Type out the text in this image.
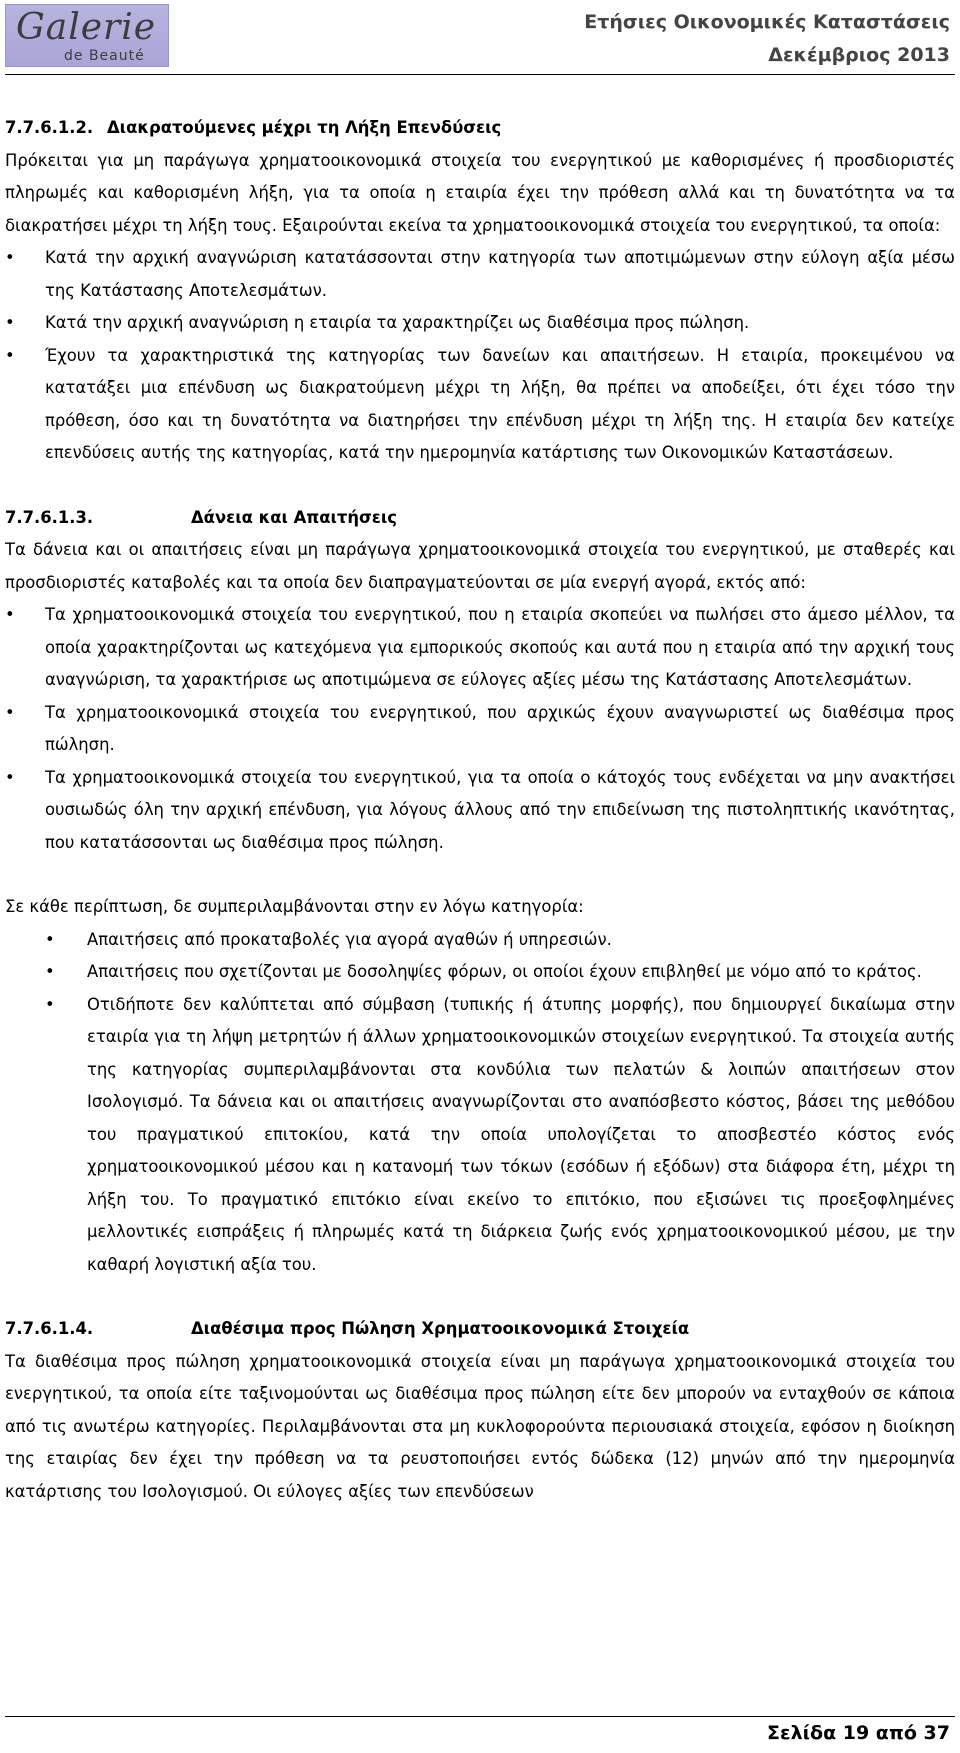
Galerie
de Beauté
Ετήσιες Οικονομικές Καταστάσεις
Δεκέμβριος 2013
7.7.6.1.2. Διακρατούμενες μέχρι τη Λήξη Επενδύσεις

Πρόκειται για μη παράγωγα χρηματοοικονομικά στοιχεία του ενεργητικού με καθορισμένες ή προσδιοριστές πληρωμές και καθορισμένη λήξη, για τα οποία η εταιρία έχει την πρόθεση αλλά και τη δυνατότητα να τα διακρατήσει μέχρι τη λήξη τους. Εξαιρούνται εκείνα τα χρηματοοικονομικά στοιχεία του ενεργητικού, τα οποία:

• Κατά την αρχική αναγνώριση κατατάσσονται στην κατηγορία των αποτιμώμενων στην εύλογη αξία μέσω της Κατάστασης Αποτελεσμάτων.
• Κατά την αρχική αναγνώριση η εταιρία τα χαρακτηρίζει ως διαθέσιμα προς πώληση.
• Έχουν τα χαρακτηριστικά της κατηγορίας των δανείων και απαιτήσεων. Η εταιρία, προκειμένου να κατατάξει μια επένδυση ως διακρατούμενη μέχρι τη λήξη, θα πρέπει να αποδείξει, ότι έχει τόσο την πρόθεση, όσο και τη δυνατότητα να διατηρήσει την επένδυση μέχρι τη λήξη της. Η εταιρία δεν κατείχε επενδύσεις αυτής της κατηγορίας, κατά την ημερομηνία κατάρτισης των Οικονομικών Καταστάσεων.
7.7.6.1.3.	Δάνεια και Απαιτήσεις

Τα δάνεια και οι απαιτήσεις είναι μη παράγωγα χρηματοοικονομικά στοιχεία του ενεργητικού, με σταθερές και προσδιοριστές καταβολές και τα οποία δεν διαπραγματεύονται σε μία ενεργή αγορά, εκτός από:

• Τα χρηματοοικονομικά στοιχεία του ενεργητικού, που η εταιρία σκοπεύει να πωλήσει στο άμεσο μέλλον, τα οποία χαρακτηρίζονται ως κατεχόμενα για εμπορικούς σκοπούς και αυτά που η εταιρία από την αρχική τους αναγνώριση, τα χαρακτήρισε ως αποτιμώμενα σε εύλογες αξίες μέσω της Κατάστασης Αποτελεσμάτων.
• Τα χρηματοοικονομικά στοιχεία του ενεργητικού, που αρχικώς έχουν αναγνωριστεί ως διαθέσιμα προς πώληση.
• Τα χρηματοοικονομικά στοιχεία του ενεργητικού, για τα οποία ο κάτοχός τους ενδέχεται να μην ανακτήσει ουσιωδώς όλη την αρχική επένδυση, για λόγους άλλους από την επιδείνωση της πιστοληπτικής ικανότητας, που κατατάσσονται ως διαθέσιμα προς πώληση.

Σε κάθε περίπτωση, δε συμπεριλαμβάνονται στην εν λόγω κατηγορία:

• Απαιτήσεις από προκαταβολές για αγορά αγαθών ή υπηρεσιών.
• Απαιτήσεις που σχετίζονται με δοσοληψίες φόρων, οι οποίοι έχουν επιβληθεί με νόμο από το κράτος.
• Οτιδήποτε δεν καλύπτεται από σύμβαση (τυπικής ή άτυπης μορφής), που δημιουργεί δικαίωμα στην εταιρία για τη λήψη μετρητών ή άλλων χρηματοοικονομικών στοιχείων ενεργητικού. Τα στοιχεία αυτής της κατηγορίας συμπεριλαμβάνονται στα κονδύλια των πελατών & λοιπών απαιτήσεων στον Ισολογισμό. Τα δάνεια και οι απαιτήσεις αναγνωρίζονται στο αναπόσβεστο κόστος, βάσει της μεθόδου του πραγματικού επιτοκίου, κατά την οποία υπολογίζεται το αποσβεστέο κόστος ενός χρηματοοικονομικού μέσου και η κατανομή των τόκων (εσόδων ή εξόδων) στα διάφορα έτη, μέχρι τη λήξη του. Το πραγματικό επιτόκιο είναι εκείνο το επιτόκιο, που εξισώνει τις προεξοφλημένες μελλοντικές εισπράξεις ή πληρωμές κατά τη διάρκεια ζωής ενός χρηματοοικονομικού μέσου, με την καθαρή λογιστική αξία του.
7.7.6.1.4.	Διαθέσιμα προς Πώληση Χρηματοοικονομικά Στοιχεία

Τα διαθέσιμα προς πώληση χρηματοοικονομικά στοιχεία είναι μη παράγωγα χρηματοοικονομικά στοιχεία του ενεργητικού, τα οποία είτε ταξινομούνται ως διαθέσιμα προς πώληση είτε δεν μπορούν να ενταχθούν σε κάποια από τις ανωτέρω κατηγορίες. Περιλαμβάνονται στα μη κυκλοφορούντα περιουσιακά στοιχεία, εφόσον η διοίκηση της εταιρίας δεν έχει την πρόθεση να τα ρευστοποιήσει εντός δώδεκα (12) μηνών από την ημερομηνία κατάρτισης του Ισολογισμού. Οι εύλογες αξίες των επενδύσεων

Σελίδα 19 από 37
